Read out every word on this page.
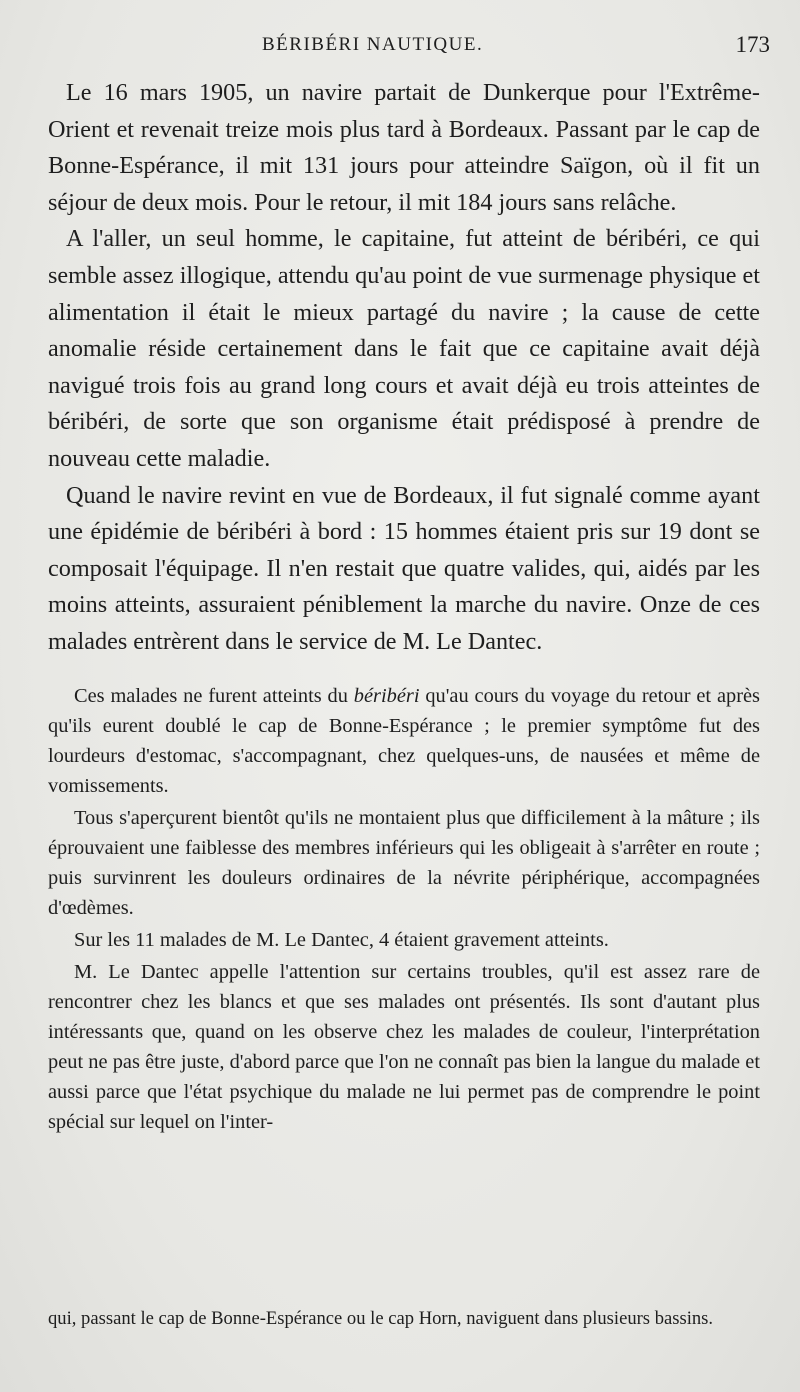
BÉRIBÉRI NAUTIQUE.	173

Le 16 mars 1905, un navire partait de Dunkerque pour l'Extrême-Orient et revenait treize mois plus tard à Bordeaux. Passant par le cap de Bonne-Espérance, il mit 131 jours pour atteindre Saïgon, où il fit un séjour de deux mois. Pour le retour, il mit 184 jours sans relâche.

A l'aller, un seul homme, le capitaine, fut atteint de béribéri, ce qui semble assez illogique, attendu qu'au point de vue surmenage physique et alimentation il était le mieux partagé du navire ; la cause de cette anomalie réside certainement dans le fait que ce capitaine avait déjà navigué trois fois au grand long cours et avait déjà eu trois atteintes de béribéri, de sorte que son organisme était prédisposé à prendre de nouveau cette maladie.

Quand le navire revint en vue de Bordeaux, il fut signalé comme ayant une épidémie de béribéri à bord : 15 hommes étaient pris sur 19 dont se composait l'équipage. Il n'en restait que quatre valides, qui, aidés par les moins atteints, assuraient péniblement la marche du navire. Onze de ces malades entrèrent dans le service de M. Le Dantec.

Ces malades ne furent atteints du béribéri qu'au cours du voyage du retour et après qu'ils eurent doublé le cap de Bonne-Espérance ; le premier symptôme fut des lourdeurs d'estomac, s'accompagnant, chez quelques-uns, de nausées et même de vomissements.

Tous s'aperçurent bientôt qu'ils ne montaient plus que difficilement à la mâture ; ils éprouvaient une faiblesse des membres inférieurs qui les obligeait à s'arrêter en route ; puis survinrent les douleurs ordinaires de la névrite périphérique, accompagnées d'œdèmes.

Sur les 11 malades de M. Le Dantec, 4 étaient gravement atteints.

M. Le Dantec appelle l'attention sur certains troubles, qu'il est assez rare de rencontrer chez les blancs et que ses malades ont présentés. Ils sont d'autant plus intéressants que, quand on les observe chez les malades de couleur, l'interprétation peut ne pas être juste, d'abord parce que l'on ne connaît pas bien la langue du malade et aussi parce que l'état psychique du malade ne lui permet pas de comprendre le point spécial sur lequel on l'inter-

qui, passant le cap de Bonne-Espérance ou le cap Horn, naviguent dans plusieurs bassins.
